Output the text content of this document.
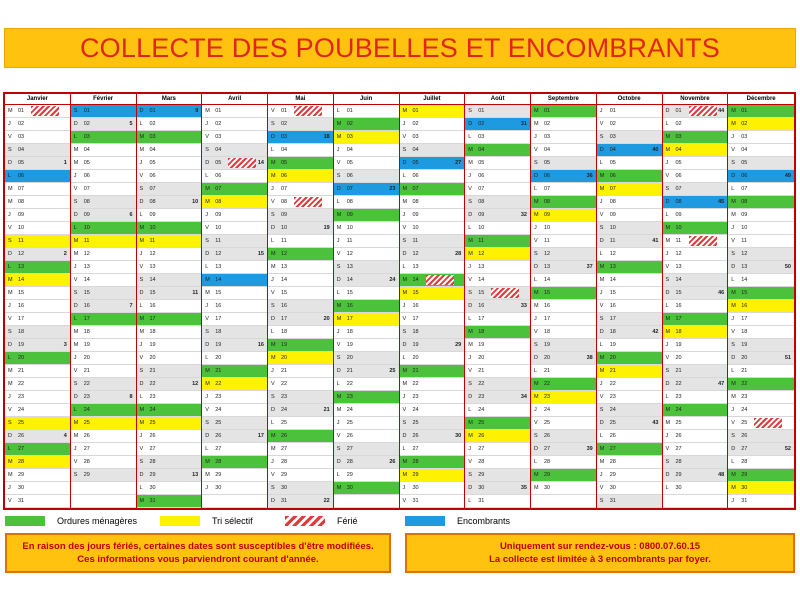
COLLECTE DES POUBELLES ET ENCOMBRANTS
Janvier
M 01
J 02
V 03
S 04
D 05	1
L 06
M 07
M 08
J 09
V 10
S 11
D 12	2
L 13
M 14
M 15
J 16
V 17
S 18
D 19	3
L 20
M 21
M 22
J 23
V 24
S 25
D 26	4
L 27
M 28
M 29
J 30
V 31
Février
S 01
D 02	5
L 03
M 04
M 05
J 06
V 07
S 08
D 09	6
L 10
M 11
M 12
J 13
V 14
S 15
D 16	7
L 17
M 18
M 19
J 20
V 21
S 22
D 23	8
L 24
M 25
M 26
J 27
V 28
S 29
Mars
D 01	9
L 02
M 03
M 04
J 05
V 06
S 07
D 08	10
L 09
M 10
M 11
J 12
V 13
S 14
D 15	11
L 16
M 17
M 18
J 19
V 20
S 21
D 22	12
L 23
M 24
M 25
J 26
V 27
S 28
D 29	13
L 30
M 31
Avril
M 01
J 02
V 03
S 04
D 05	14
L 06
M 07
M 08
J 09
V 10
S 11
D 12	15
L 13
M 14
M 15
J 16
V 17
S 18
D 19	16
L 20
M 21
M 22
J 23
V 24
S 25
D 26	17
L 27
M 28
M 29
J 30
Mai
V 01
S 02
D 03	18
L 04
M 05
M 06
J 07
V 08
S 09
D 10	19
L 11
M 12
M 13
J 14
V 15
S 16
D 17	20
L 18
M 19
M 20
J 21
V 22
S 23
D 24	21
L 25
M 26
M 27
J 28
V 29
S 30
D 31	22
Juin
L 01
M 02
M 03
J 04
V 05
S 06
D 07	23
L 08
M 09
M 10
J 11
V 12
S 13
D 14	24
L 15
M 16
M 17
J 18
V 19
S 20
D 21	25
L 22
M 23
M 24
J 25
V 26
S 27
D 28	26
L 29
M 30
Juillet
M 01
J 02
V 03
S 04
D 05	27
L 06
M 07
M 08
J 09
V 10
S 11
D 12	28
L 13
M 14
M 15
J 16
V 17
S 18
D 19	29
L 20
M 21
M 22
J 23
V 24
S 25
D 26	30
L 27
M 28
M 29
J 30
V 31
Août
S 01
D 02	31
L 03
M 04
M 05
J 06
V 07
S 08
D 09	32
L 10
M 11
M 12
J 13
V 14
S 15
D 16	33
L 17
M 18
M 19
J 20
V 21
S 22
D 23	34
L 24
M 25
M 26
J 27
V 28
S 29
D 30	35
L 31
Septembre
M 01
M 02
J 03
V 04
S 05
D 06	36
L 07
M 08
M 09
J 10
V 11
S 12
D 13	37
L 14
M 15
M 16
J 17
V 18
S 19
D 20	38
L 21
M 22
M 23
J 24
V 25
S 26
D 27	39
L 28
M 29
M 30
Octobre
J 01
V 02
S 03
D 04	40
L 05
M 06
M 07
J 08
V 09
S 10
D 11	41
L 12
M 13
M 14
J 15
V 16
S 17
D 18	42
L 19
M 20
M 21
J 22
V 23
S 24
D 25	43
L 26
M 27
M 28
J 29
V 30
S 31
Novembre
D 01	44
L 02
M 03
M 04
J 05
V 06
S 07
D 08	45
L 09
M 10
M 11
J 12
V 13
S 14
D 15	46
L 16
M 17
M 18
J 19
V 20
S 21
D 22	47
L 23
M 24
M 25
J 26
V 27
S 28
D 29	48
L 30
Décembre
M 01
M 02
J 03
V 04
S 05
D 06	49
L 07
M 08
M 09
J 10
V 11
S 12
D 13	50
L 14
M 15
M 16
J 17
V 18
S 19
D 20	51
L 21
M 22
M 23
J 24
V 25
S 26
D 27	52
L 28
M 29
M 30
J 31
Ordures ménagères	Tri sélectif	Férié	Encombrants

En raison des jours fériés, certaines dates sont susceptibles d'être modifiées.

Ces informations vous parviendront courant d'année.

Uniquement sur rendez-vous : 0800.07.60.15

La collecte est limitée à 3 encombrants par foyer.
